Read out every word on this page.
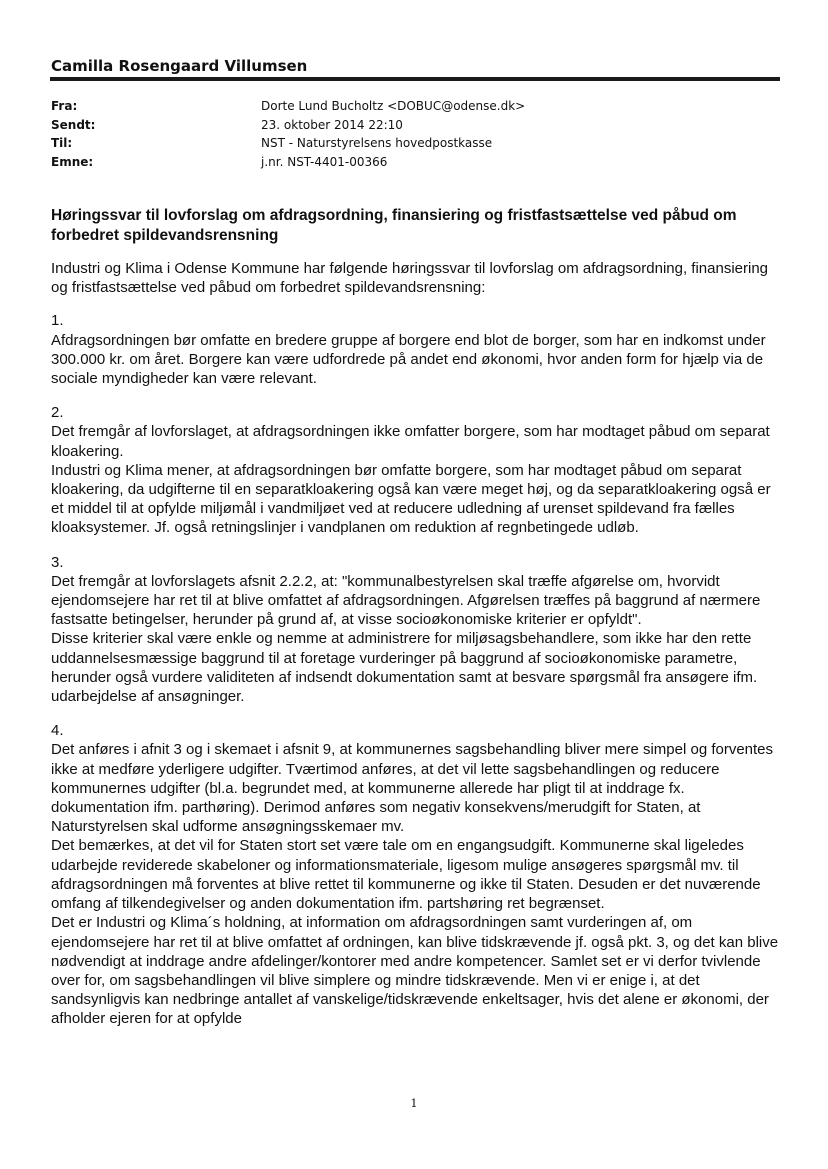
Camilla Rosengaard Villumsen
Fra:	Dorte Lund Bucholtz <DOBUC@odense.dk>
Sendt:	23. oktober 2014 22:10
Til:	NST - Naturstyrelsens hovedpostkasse
Emne:	j.nr. NST-4401-00366

Høringssvar til lovforslag om afdragsordning, finansiering og fristfastsættelse ved påbud om forbedret spildevandsrensning

Industri og Klima i Odense Kommune har følgende høringssvar til lovforslag om afdragsordning, finansiering og fristfastsættelse ved påbud om forbedret spildevandsrensning:

1.

Afdragsordningen bør omfatte en bredere gruppe af borgere end blot de borger, som har en indkomst under 300.000 kr. om året. Borgere kan være udfordrede på andet end økonomi, hvor anden form for hjælp via de sociale myndigheder kan være relevant.

2.

Det fremgår af lovforslaget, at afdragsordningen ikke omfatter borgere, som har modtaget påbud om separat kloakering.

Industri og Klima mener, at afdragsordningen bør omfatte borgere, som har modtaget påbud om separat kloakering, da udgifterne til en separatkloakering også kan være meget høj, og da separatkloakering også er et middel til at opfylde miljømål i vandmiljøet ved at reducere udledning af urenset spildevand fra fælles kloaksystemer. Jf. også retningslinjer i vandplanen om reduktion af regnbetingede udløb.

3.

Det fremgår at lovforslagets afsnit 2.2.2, at: "kommunalbestyrelsen skal træffe afgørelse om, hvorvidt ejendomsejere har ret til at blive omfattet af afdragsordningen. Afgørelsen træffes på baggrund af nærmere fastsatte betingelser, herunder på grund af, at visse socioøkonomiske kriterier er opfyldt".

Disse kriterier skal være enkle og nemme at administrere for miljøsagsbehandlere, som ikke har den rette uddannelsesmæssige baggrund til at foretage vurderinger på baggrund af socioøkonomiske parametre, herunder også vurdere validiteten af indsendt dokumentation samt at besvare spørgsmål fra ansøgere ifm. udarbejdelse af ansøgninger.

4.

Det anføres i afnit 3 og i skemaet i afsnit 9, at kommunernes sagsbehandling bliver mere simpel og forventes ikke at medføre yderligere udgifter. Tværtimod anføres, at det vil lette sagsbehandlingen og reducere kommunernes udgifter (bl.a. begrundet med, at kommunerne allerede har pligt til at inddrage fx. dokumentation ifm. parthøring). Derimod anføres som negativ konsekvens/merudgift for Staten, at Naturstyrelsen skal udforme ansøgningsskemaer mv.

Det bemærkes, at det vil for Staten stort set være tale om en engangsudgift. Kommunerne skal ligeledes udarbejde reviderede skabeloner og informationsmateriale, ligesom mulige ansøgeres spørgsmål mv. til afdragsordningen må forventes at blive rettet til kommunerne og ikke til Staten. Desuden er det nuværende omfang af tilkendegivelser og anden dokumentation ifm. partshøring ret begrænset.

Det er Industri og Klima´s holdning, at information om afdragsordningen samt vurderingen af, om ejendomsejere har ret til at blive omfattet af ordningen, kan blive tidskrævende jf. også pkt. 3, og det kan blive nødvendigt at inddrage andre afdelinger/kontorer med andre kompetencer. Samlet set er vi derfor tvivlende over for, om sagsbehandlingen vil blive simplere og mindre tidskrævende. Men vi er enige i, at det sandsynligvis kan nedbringe antallet af vanskelige/tidskrævende enkeltsager, hvis det alene er økonomi, der afholder ejeren for at opfylde

1
